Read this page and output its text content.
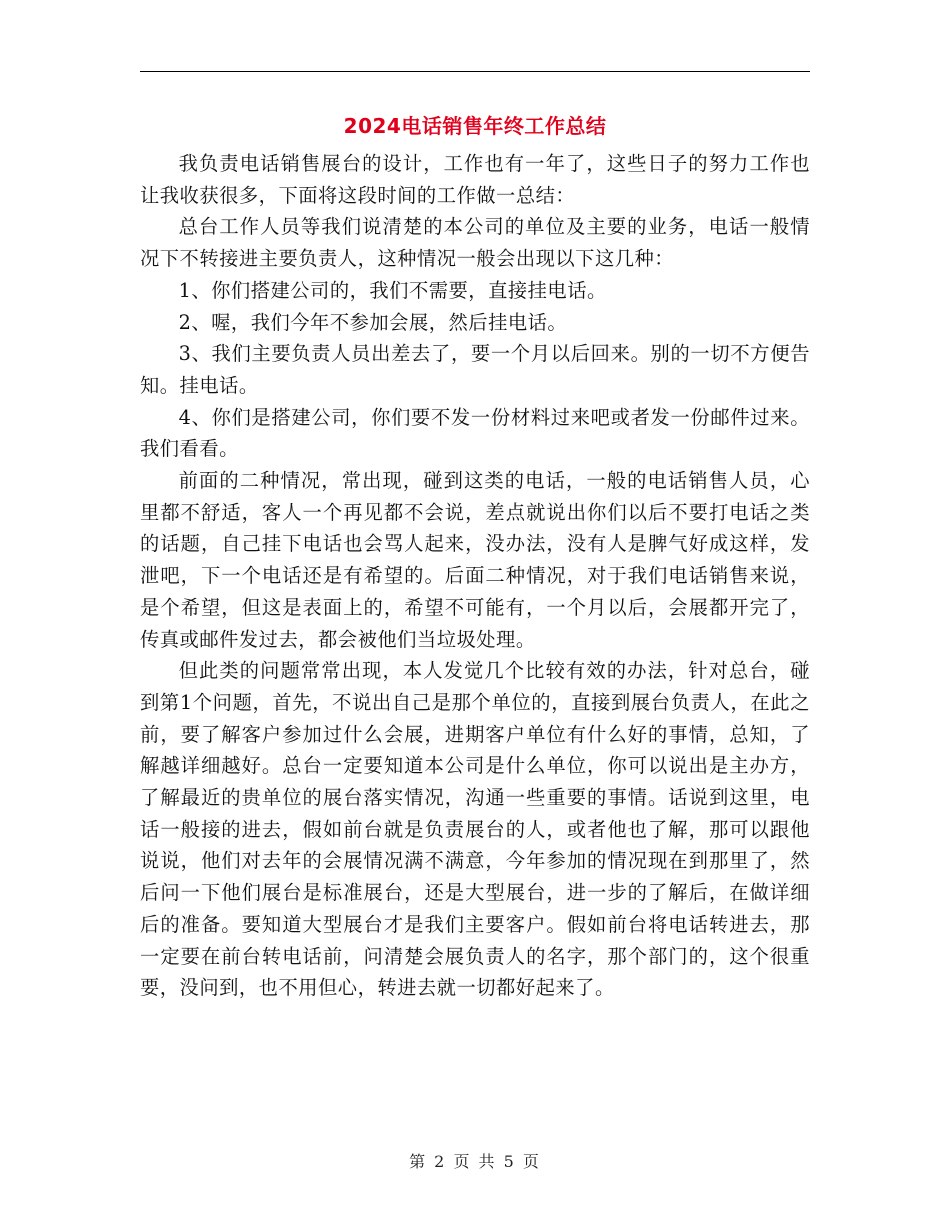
2024电话销售年终工作总结

我负责电话销售展台的设计，工作也有一年了，这些日子的努力工作也让我收获很多，下面将这段时间的工作做一总结：

总台工作人员等我们说清楚的本公司的单位及主要的业务，电话一般情况下不转接进主要负责人，这种情况一般会出现以下这几种：

1、你们搭建公司的，我们不需要，直接挂电话。

2、喔，我们今年不参加会展，然后挂电话。

3、我们主要负责人员出差去了，要一个月以后回来。别的一切不方便告知。挂电话。

4、你们是搭建公司，你们要不发一份材料过来吧或者发一份邮件过来。我们看看。

前面的二种情况，常出现，碰到这类的电话，一般的电话销售人员，心里都不舒适，客人一个再见都不会说，差点就说出你们以后不要打电话之类的话题，自己挂下电话也会骂人起来，没办法，没有人是脾气好成这样，发泄吧，下一个电话还是有希望的。后面二种情况，对于我们电话销售来说，是个希望，但这是表面上的，希望不可能有，一个月以后，会展都开完了，传真或邮件发过去，都会被他们当垃圾处理。

但此类的问题常常出现，本人发觉几个比较有效的办法，针对总台，碰到第1个问题，首先，不说出自己是那个单位的，直接到展台负责人，在此之前，要了解客户参加过什么会展，进期客户单位有什么好的事情，总知，了解越详细越好。总台一定要知道本公司是什么单位，你可以说出是主办方，了解最近的贵单位的展台落实情况，沟通一些重要的事情。话说到这里，电话一般接的进去，假如前台就是负责展台的人，或者他也了解，那可以跟他说说，他们对去年的会展情况满不满意，今年参加的情况现在到那里了，然后问一下他们展台是标准展台，还是大型展台，进一步的了解后，在做详细后的准备。要知道大型展台才是我们主要客户。假如前台将电话转进去，那一定要在前台转电话前，问清楚会展负责人的名字，那个部门的，这个很重要，没问到，也不用但心，转进去就一切都好起来了。

第 2 页 共 5 页
